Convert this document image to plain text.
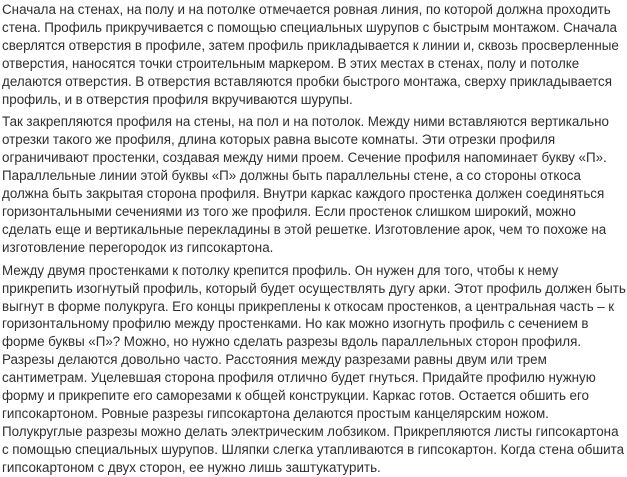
Сначала на стенах, на полу и на потолке отмечается ровная линия, по которой должна проходить стена. Профиль прикручивается с помощью специальных шурупов с быстрым монтажом. Сначала сверлятся отверстия в профиле, затем профиль прикладывается к линии и, сквозь просверленные отверстия, наносятся точки строительным маркером. В этих местах в стенах, полу и потолке делаются отверстия. В отверстия вставляются пробки быстрого монтажа, сверху прикладывается профиль, и в отверстия профиля вкручиваются шурупы.

Так закрепляются профиля на стены, на пол и на потолок. Между ними вставляются вертикально отрезки такого же профиля, длина которых равна высоте комнаты. Эти отрезки профиля ограничивают простенки, создавая между ними проем. Сечение профиля напоминает букву «П». Параллельные линии этой буквы «П» должны быть параллельны стене, а со стороны откоса должна быть закрытая сторона профиля. Внутри каркас каждого простенка должен соединяться горизонтальными сечениями из того же профиля. Если простенок слишком широкий, можно сделать еще и вертикальные перекладины в этой решетке. Изготовление арок, чем то похоже на изготовление перегородок из гипсокартона.

Между двумя простенками к потолку крепится профиль. Он нужен для того, чтобы к нему прикрепить изогнутый профиль, который будет осуществлять дугу арки. Этот профиль должен быть выгнут в форме полукруга. Его концы прикреплены к откосам простенков, а центральная часть – к горизонтальному профилю между простенками. Но как можно изогнуть профиль с сечением в форме буквы «П»? Можно, но нужно сделать разрезы вдоль параллельных сторон профиля. Разрезы делаются довольно часто. Расстояния между разрезами равны двум или трем сантиметрам. Уцелевшая сторона профиля отлично будет гнуться. Придайте профилю нужную форму и прикрепите его саморезами к общей конструкции. Каркас готов. Остается обшить его гипсокартоном. Ровные разрезы гипсокартона делаются простым канцелярским ножом. Полукруглые разрезы можно делать электрическим лобзиком. Прикрепляются листы гипсокартона с помощью специальных шурупов. Шляпки слегка утапливаются в гипсокартон. Когда стена обшита гипсокартоном с двух сторон, ее нужно лишь заштукатурить.
